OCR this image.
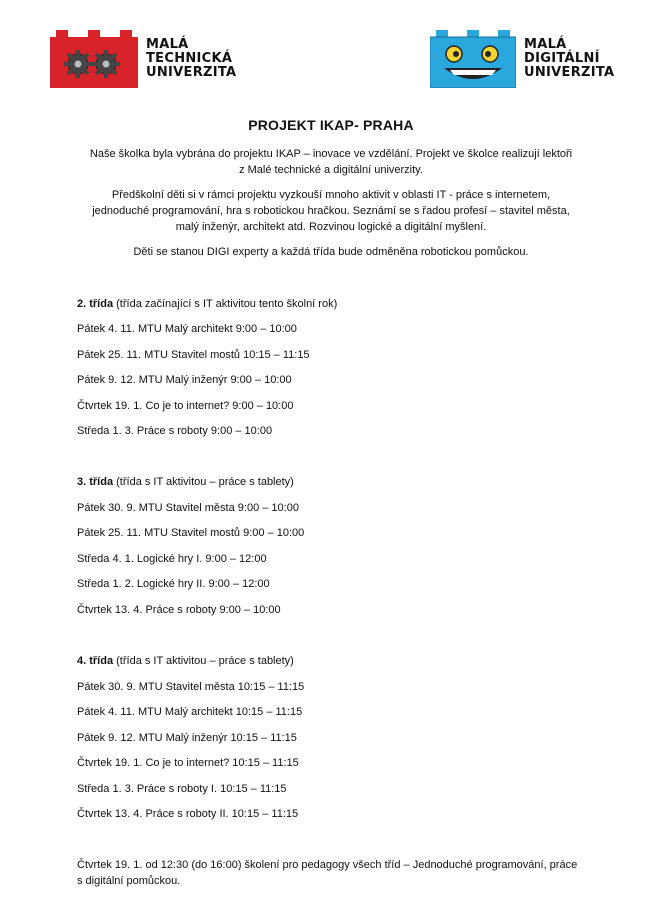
MALÁ
TECHNICKÁ
UNIVERZITA
MALÁ
DIGITÁLNÍ
UNIVERZITA
PROJEKT IKAP- PRAHA

Naše školka byla vybrána do projektu IKAP – inovace ve vzdělání. Projekt ve školce realizují lektoři
z Malé technické a digitální univerzity.

Předškolní děti si v rámci projektu vyzkouší mnoho aktivit v oblasti IT - práce s internetem,
jednoduché programování, hra s robotickou hračkou. Seznámí se s řadou profesí – stavitel města,
malý inženýr, architekt atd. Rozvinou logické a digitální myšlení.

Děti se stanou DIGI experty a každá třída bude odměněna robotickou pomůckou.

2. třída (třída začínající s IT aktivitou tento školní rok)
Pátek 4. 11. MTU Malý architekt 9:00 – 10:00
Pátek 25. 11. MTU Stavitel mostů 10:15 – 11:15
Pátek 9. 12. MTU Malý inženýr 9:00 – 10:00
Čtvrtek 19. 1. Co je to internet? 9:00 – 10:00
Středa 1. 3. Práce s roboty 9:00 – 10:00
3. třída (třída s IT aktivitou – práce s tablety)
Pátek 30. 9. MTU Stavitel města 9:00 – 10:00
Pátek 25. 11. MTU Stavitel mostů 9:00 – 10:00
Středa 4. 1. Logické hry I. 9:00 – 12:00
Středa 1. 2. Logické hry II. 9:00 – 12:00
Čtvrtek 13. 4. Práce s roboty 9:00 – 10:00
4. třída (třída s IT aktivitou – práce s tablety)
Pátek 30. 9. MTU Stavitel města 10:15 – 11:15
Pátek 4. 11. MTU Malý architekt 10:15 – 11:15
Pátek 9. 12. MTU Malý inženýr 10:15 – 11:15
Čtvrtek 19. 1. Co je to internet? 10:15 – 11:15
Středa 1. 3. Práce s roboty I. 10:15 – 11:15
Čtvrtek 13. 4. Práce s roboty II. 10:15 – 11:15
Čtvrtek 19. 1. od 12:30 (do 16:00) školení pro pedagogy všech tříd – Jednoduché programování, práce
s digitální pomůckou.
